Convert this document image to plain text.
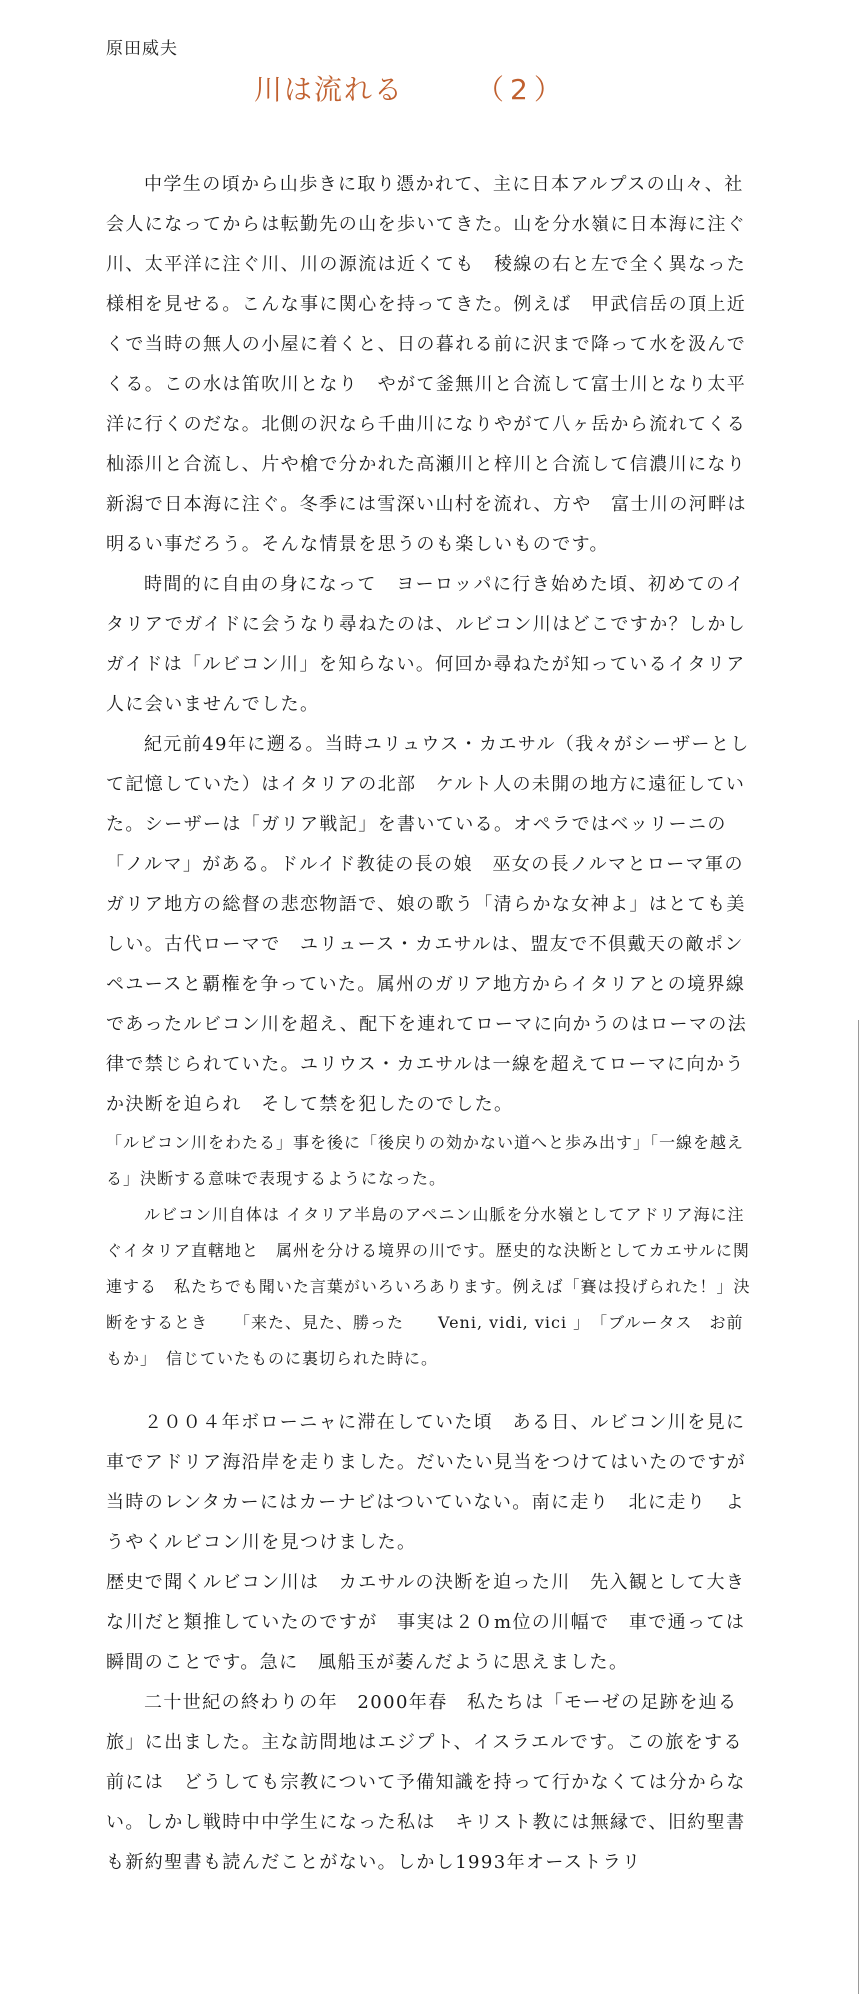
原田威夫
川は流れる	（2）

中学生の頃から山歩きに取り憑かれて、主に日本アルプスの山々、社会人になってからは転勤先の山を歩いてきた。山を分水嶺に日本海に注ぐ川、太平洋に注ぐ川、川の源流は近くても　稜線の右と左で全く異なった様相を見せる。こんな事に関心を持ってきた。例えば　甲武信岳の頂上近くで当時の無人の小屋に着くと、日の暮れる前に沢まで降って水を汲んでくる。この水は笛吹川となり　やがて釜無川と合流して富士川となり太平洋に行くのだな。北側の沢なら千曲川になりやがて八ヶ岳から流れてくる杣添川と合流し、片や槍で分かれた高瀬川と梓川と合流して信濃川になり新潟で日本海に注ぐ。冬季には雪深い山村を流れ、方や　富士川の河畔は明るい事だろう。そんな情景を思うのも楽しいものです。

時間的に自由の身になって　ヨーロッパに行き始めた頃、初めてのイタリアでガイドに会うなり尋ねたのは、ルビコン川はどこですか？しかしガイドは「ルビコン川」を知らない。何回か尋ねたが知っているイタリア人に会いませんでした。

紀元前49年に遡る。当時ユリュウス・カエサル（我々がシーザーとして記憶していた）はイタリアの北部　ケルト人の未開の地方に遠征していた。シーザーは「ガリア戦記」を書いている。オペラではベッリーニの「ノルマ」がある。ドルイド教徒の長の娘　巫女の長ノルマとローマ軍のガリア地方の総督の悲恋物語で、娘の歌う「清らかな女神よ」はとても美しい。古代ローマで　ユリュース・カエサルは、盟友で不倶戴天の敵ポンペユースと覇権を争っていた。属州のガリア地方からイタリアとの境界線であったルビコン川を超え、配下を連れてローマに向かうのはローマの法律で禁じられていた。ユリウス・カエサルは一線を超えてローマに向かうか決断を迫られ　そして禁を犯したのでした。

「ルビコン川をわたる」事を後に「後戻りの効かない道へと歩み出す」「一線を越える」決断する意味で表現するようになった。

ルビコン川自体は イタリア半島のアペニン山脈を分水嶺としてアドリア海に注ぐイタリア直轄地と　属州を分ける境界の川です。歴史的な決断としてカエサルに関連する　私たちでも聞いた言葉がいろいろあります。例えば「賽は投げられた！」決断をするとき　　「来た、見た、勝った　　Veni, vidi, vici 」　「ブルータス　お前もか」　信じていたものに裏切られた時に。

２００４年ボローニャに滞在していた頃　ある日、ルビコン川を見に　車でアドリア海沿岸を走りました。だいたい見当をつけてはいたのですが　当時のレンタカーにはカーナビはついていない。南に走り　北に走り　ようやくルビコン川を見つけました。

歴史で聞くルビコン川は　カエサルの決断を迫った川　先入観として大きな川だと類推していたのですが　事実は２０m位の川幅で　車で通っては瞬間のことです。急に　風船玉が萎んだように思えました。

二十世紀の終わりの年　2000年春　私たちは「モーゼの足跡を辿る旅」に出ました。主な訪問地はエジプト、イスラエルです。この旅をする前には　どうしても宗教について予備知識を持って行かなくては分からない。しかし戦時中中学生になった私は　キリスト教には無縁で、旧約聖書も新約聖書も読んだことがない。しかし1993年オーストラリ
